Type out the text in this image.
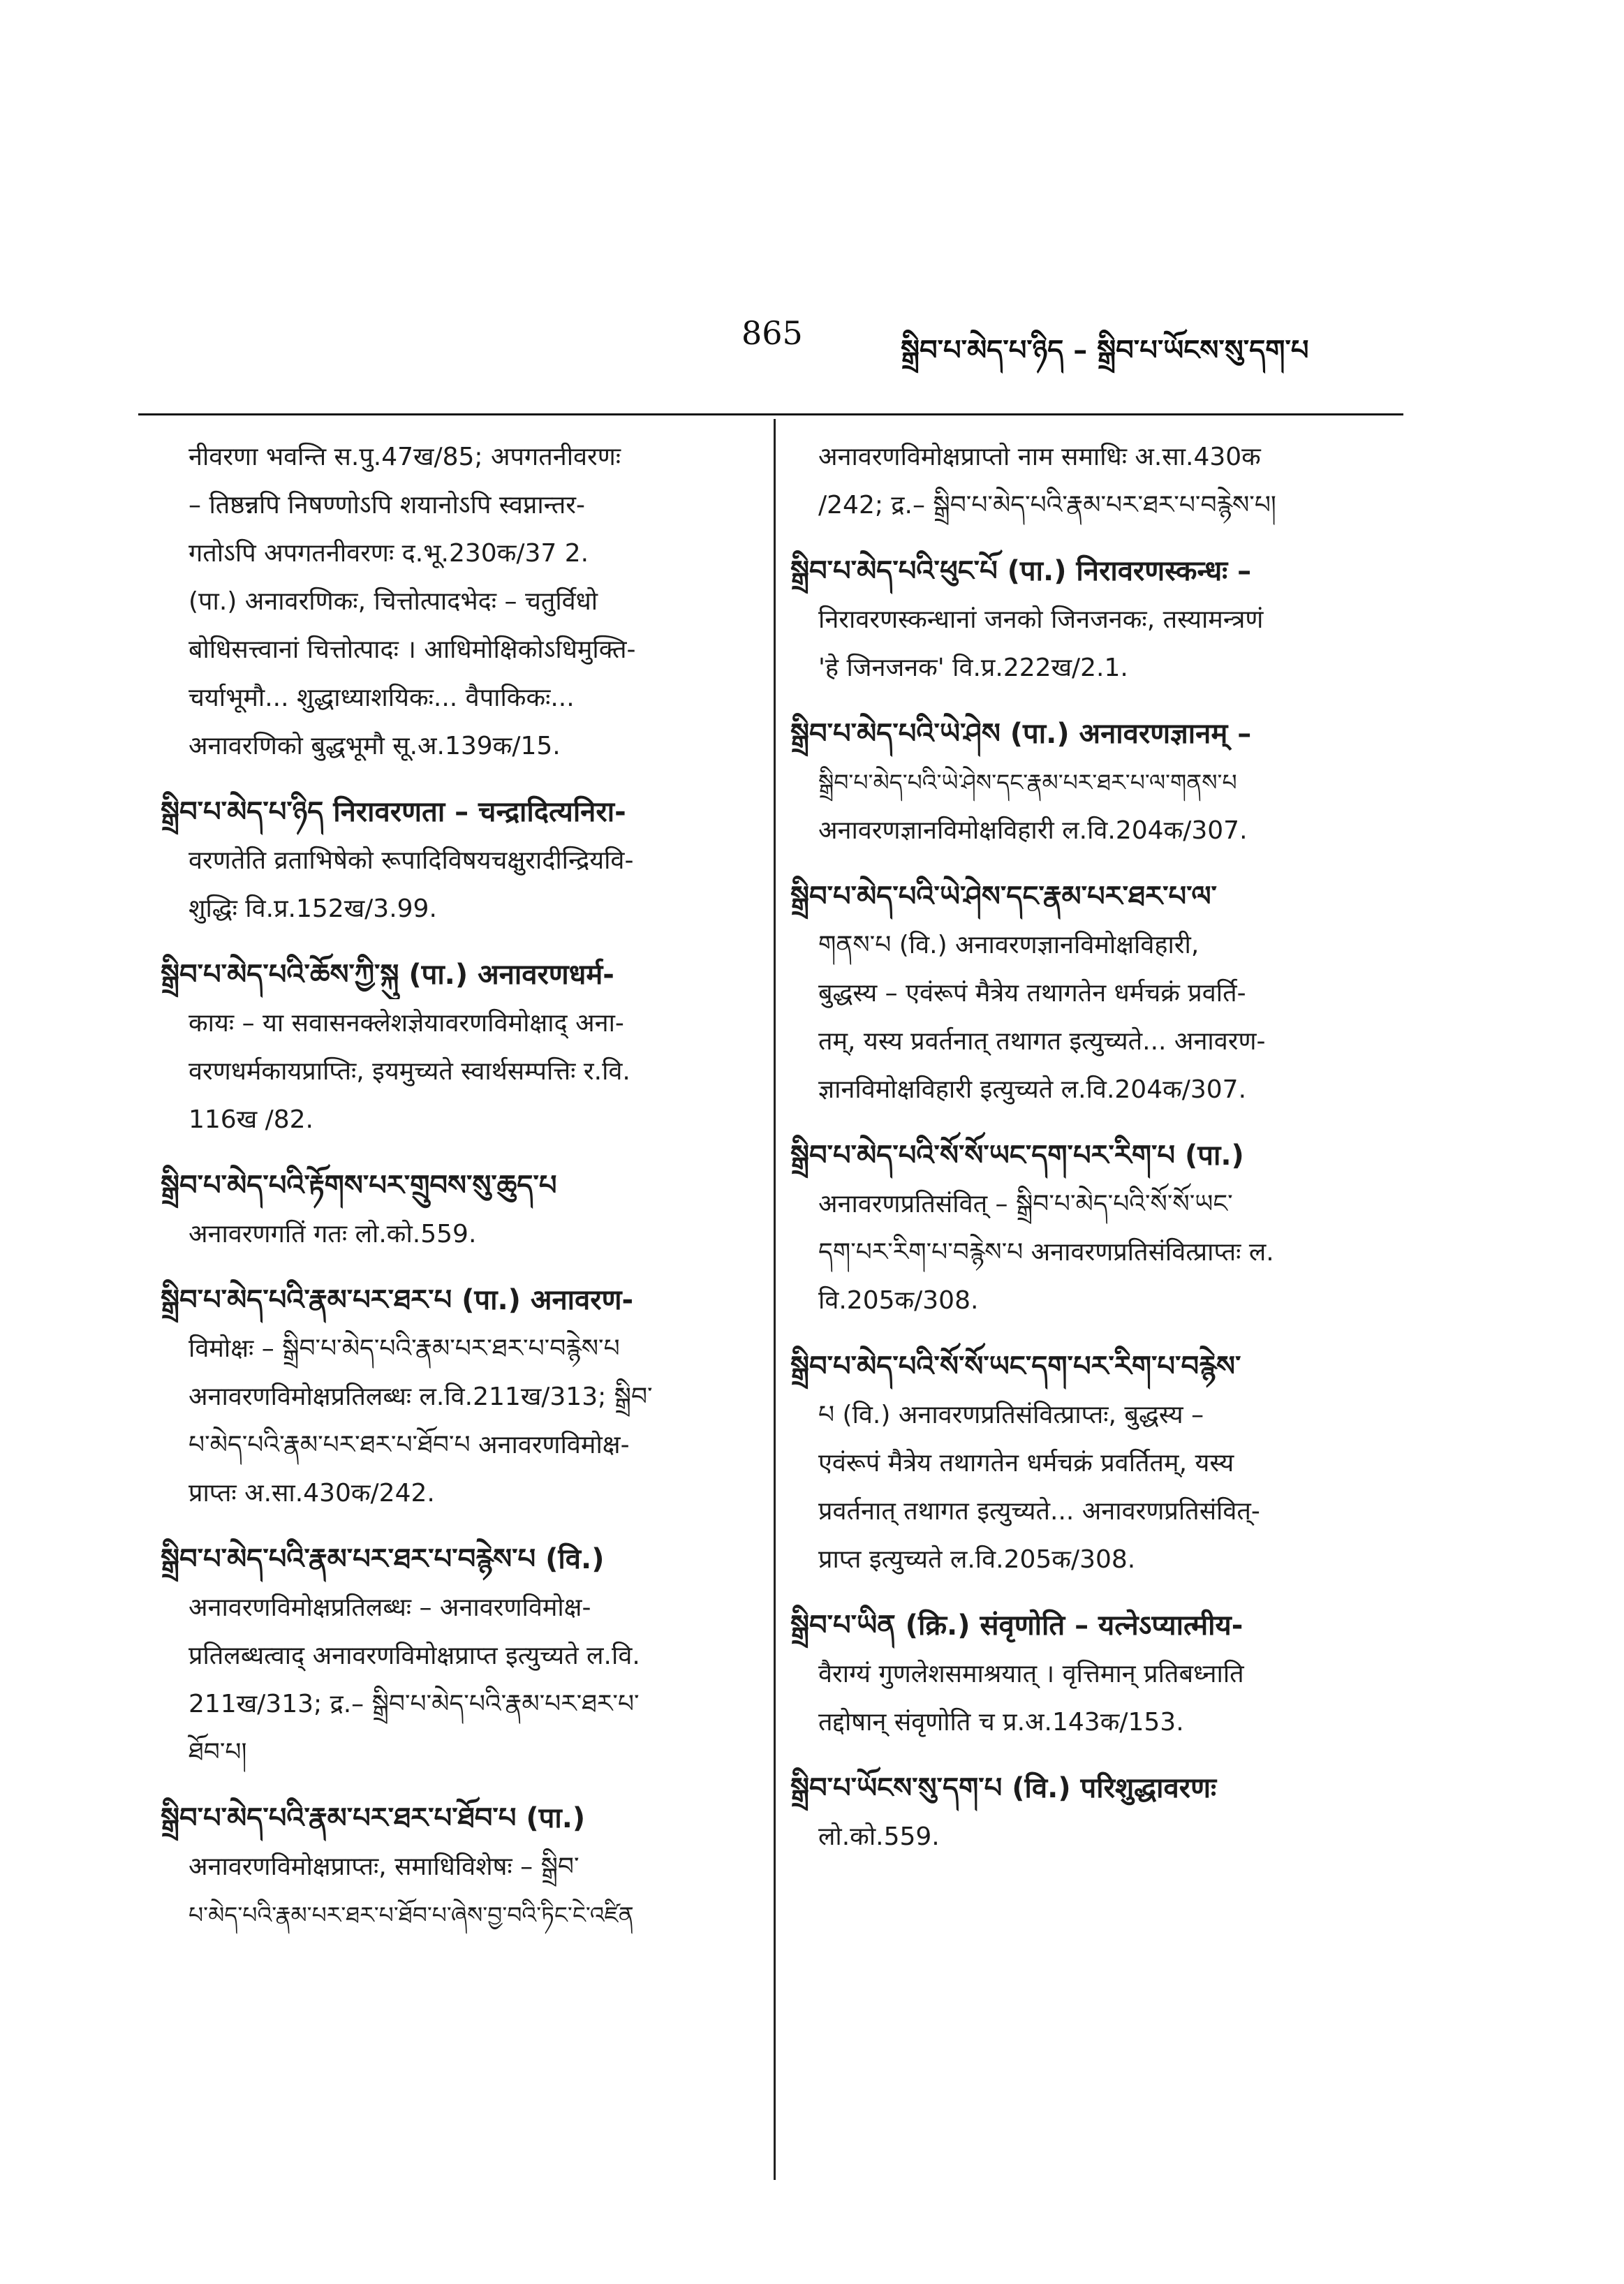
865	སྒྲིབ་པ་མེད་པ་ཉིད – སྒྲིབ་པ་ཡོངས་སུ་དག་པ
नीवरणा भवन्ति स.पु.47ख/85; अपगतनीवरणः
– तिष्ठन्नपि निषण्णोऽपि शयानोऽपि स्वप्नान्तर-
गतोऽपि अपगतनीवरणः द.भू.230क/37 2.
(पा.) अनावरणिकः, चित्तोत्पादभेदः – चतुर्विधो
बोधिसत्त्वानां चित्तोत्पादः । आधिमोक्षिकोऽधिमुक्ति-
चर्याभूमौ... शुद्धाध्याशयिकः... वैपाकिकः...
अनावरणिको बुद्धभूमौ सू.अ.139क/15.
སྒྲིབ་པ་མེད་པ་ཉིད निरावरणता – चन्द्रादित्यनिरा-
वरणतेति व्रताभिषेको रूपादिविषयचक्षुरादीन्द्रियवि-
शुद्धिः वि.प्र.152ख/3.99.
སྒྲིབ་པ་མེད་པའི་ཆོས་ཀྱི་སྐུ (पा.) अनावरणधर्म-
कायः – या सवासनक्लेशज्ञेयावरणविमोक्षाद् अना-
वरणधर्मकायप्राप्तिः, इयमुच्यते स्वार्थसम्पत्तिः र.वि.
116ख /82.
སྒྲིབ་པ་མེད་པའི་རྟོགས་པར་གྲུབས་སུ་ཆུད་པ
अनावरणगतिं गतः लो.को.559.
སྒྲིབ་པ་མེད་པའི་རྣམ་པར་ཐར་པ (पा.) अनावरण-
विमोक्षः – སྒྲིབ་པ་མེད་པའི་རྣམ་པར་ཐར་པ་བརྙེས་པ
अनावरणविमोक्षप्रतिलब्धः ल.वि.211ख/313; སྒྲིབ་
པ་མེད་པའི་རྣམ་པར་ཐར་པ་ཐོབ་པ अनावरणविमोक्ष-
प्राप्तः अ.सा.430क/242.
སྒྲིབ་པ་མེད་པའི་རྣམ་པར་ཐར་པ་བརྙེས་པ (वि.)
अनावरणविमोक्षप्रतिलब्धः – अनावरणविमोक्ष-
प्रतिलब्धत्वाद् अनावरणविमोक्षप्राप्त इत्युच्यते ल.वि.
211ख/313; द्र.– སྒྲིབ་པ་མེད་པའི་རྣམ་པར་ཐར་པ་
ཐོབ་པ།
སྒྲིབ་པ་མེད་པའི་རྣམ་པར་ཐར་པ་ཐོབ་པ (पा.)
अनावरणविमोक्षप्राप्तः, समाधिविशेषः – སྒྲིབ་
པ་མེད་པའི་རྣམ་པར་ཐར་པ་ཐོབ་པ་ཞེས་བྱ་བའི་ཏིང་ངེ་འཛིན
अनावरणविमोक्षप्राप्तो नाम समाधिः अ.सा.430क
/242; द्र.– སྒྲིབ་པ་མེད་པའི་རྣམ་པར་ཐར་པ་བརྙེས་པ།
སྒྲིབ་པ་མེད་པའི་ཕུང་པོ (पा.) निरावरणस्कन्धः –
निरावरणस्कन्धानां जनको जिनजनकः, तस्यामन्त्रणं
'हे जिनजनक' वि.प्र.222ख/2.1.
སྒྲིབ་པ་མེད་པའི་ཡེ་ཤེས (पा.) अनावरणज्ञानम् –
སྒྲིབ་པ་མེད་པའི་ཡེ་ཤེས་དང་རྣམ་པར་ཐར་པ་ལ་གནས་པ
अनावरणज्ञानविमोक्षविहारी ल.वि.204क/307.
སྒྲིབ་པ་མེད་པའི་ཡེ་ཤེས་དང་རྣམ་པར་ཐར་པ་ལ་
གནས་པ (वि.) अनावरणज्ञानविमोक्षविहारी,
बुद्धस्य – एवंरूपं मैत्रेय तथागतेन धर्मचक्रं प्रवर्ति-
तम्, यस्य प्रवर्तनात् तथागत इत्युच्यते... अनावरण-
ज्ञानविमोक्षविहारी इत्युच्यते ल.वि.204क/307.
སྒྲིབ་པ་མེད་པའི་སོ་སོ་ཡང་དག་པར་རིག་པ (पा.)
अनावरणप्रतिसंवित् – སྒྲིབ་པ་མེད་པའི་སོ་སོ་ཡང་
དག་པར་རིག་པ་བརྙེས་པ अनावरणप्रतिसंवित्प्राप्तः ल.
वि.205क/308.
སྒྲིབ་པ་མེད་པའི་སོ་སོ་ཡང་དག་པར་རིག་པ་བརྙེས་
པ (वि.) अनावरणप्रतिसंवित्प्राप्तः, बुद्धस्य –
एवंरूपं मैत्रेय तथागतेन धर्मचक्रं प्रवर्तितम्, यस्य
प्रवर्तनात् तथागत इत्युच्यते... अनावरणप्रतिसंवित्-
प्राप्त इत्युच्यते ल.वि.205क/308.
སྒྲིབ་པ་ཡིན (क्रि.) संवृणोति – यत्नेऽप्यात्मीय-
वैराग्यं गुणलेशसमाश्रयात् । वृत्तिमान् प्रतिबध्नाति
तद्दोषान् संवृणोति च प्र.अ.143क/153.
སྒྲིབ་པ་ཡོངས་སུ་དག་པ (वि.) परिशुद्धावरणः
लो.को.559.
